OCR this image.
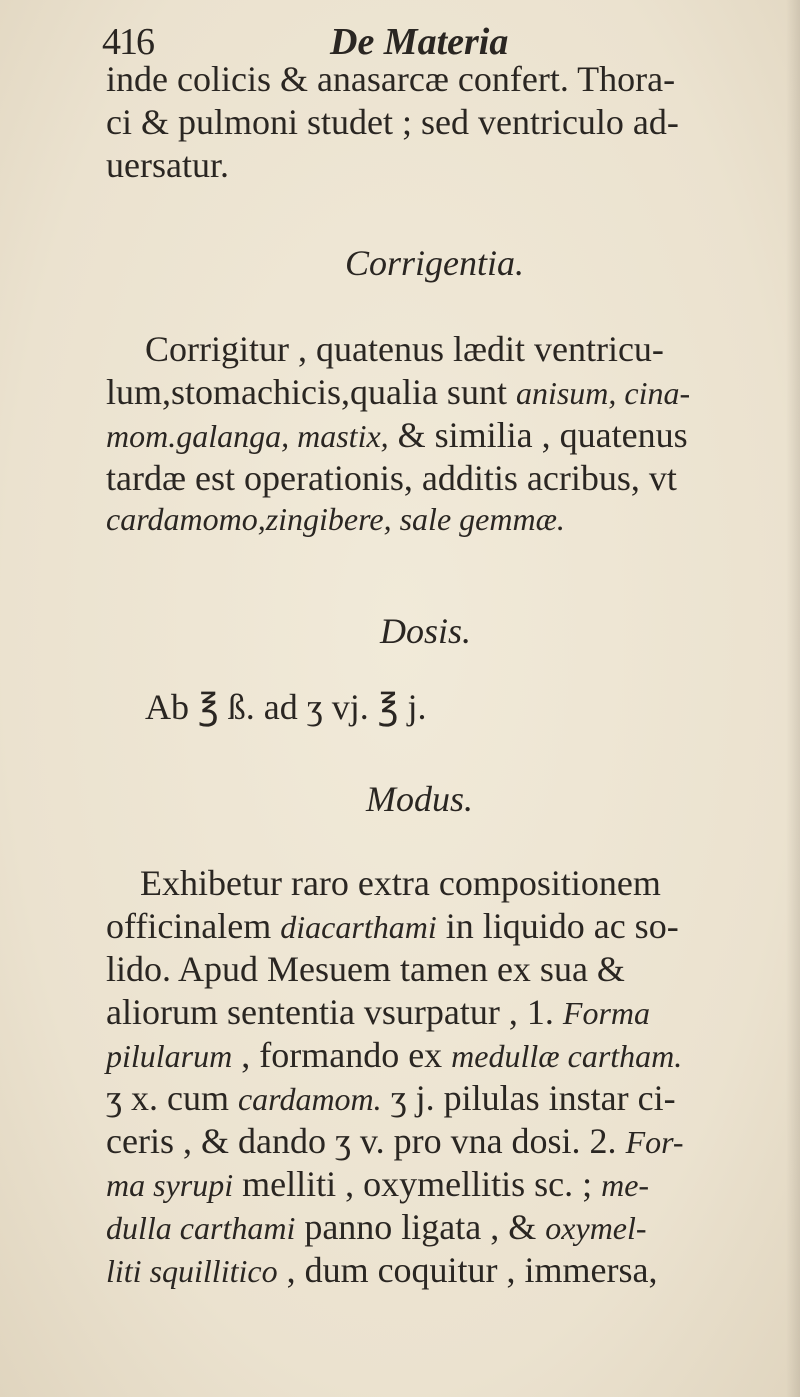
416	De Materia
inde colicis & anasarcæ confert. Thora-
ci & pulmoni studet ; sed ventriculo ad-
uersatur.
Corrigentia.
Corrigitur , quatenus lædit ventricu-
lum,stomachicis,qualia sunt anisum, cina-
mom.galanga, mastix, & similia , quatenus
tardæ est operationis, additis acribus, vt
cardamomo,zingibere, sale gemmæ.
Dosis.
Ab ℥ ß. ad ʒ vj. ℥ j.
Modus.
Exhibetur raro extra compositionem
officinalem diacarthami in liquido ac so-
lido. Apud Mesuem tamen ex sua &
aliorum sententia vsurpatur , 1. Forma
pilularum , formando ex medullæ cartham.
ʒ x. cum cardamom. ʒ j. pilulas instar ci-
ceris , & dando ʒ v. pro vna dosi. 2. For-
ma syrupi melliti , oxymellitis sc. ; me-
dulla carthami panno ligata , & oxymel-
liti squillitico , dum coquitur , immersa,
